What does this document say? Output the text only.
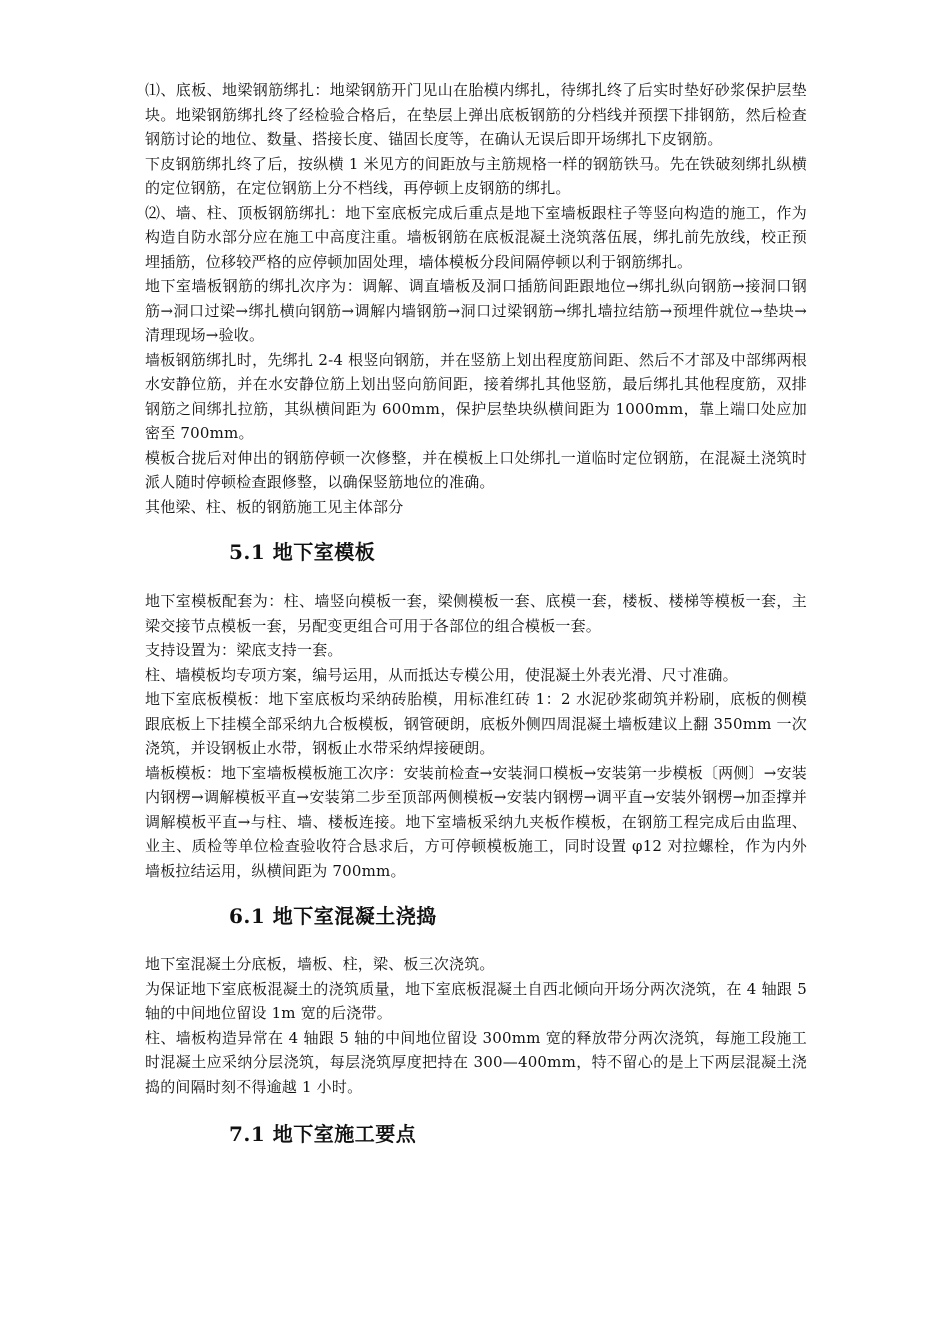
⑴、底板、地梁钢筋绑扎：地梁钢筋开门见山在胎模内绑扎，待绑扎终了后实时垫好砂浆保护层垫块。地梁钢筋绑扎终了经检验合格后，在垫层上弹出底板钢筋的分档线并预摆下排钢筋，然后检查钢筋讨论的地位、数量、搭接长度、锚固长度等，在确认无误后即开场绑扎下皮钢筋。

下皮钢筋绑扎终了后，按纵横 1 米见方的间距放与主筋规格一样的钢筋铁马。先在铁破刻绑扎纵横的定位钢筋，在定位钢筋上分不档线，再停顿上皮钢筋的绑扎。

⑵、墙、柱、顶板钢筋绑扎：地下室底板完成后重点是地下室墙板跟柱子等竖向构造的施工，作为构造自防水部分应在施工中高度注重。墙板钢筋在底板混凝土浇筑落伍展，绑扎前先放线，校正预埋插筋，位移较严格的应停顿加固处理，墙体模板分段间隔停顿以利于钢筋绑扎。

地下室墙板钢筋的绑扎次序为：调解、调直墙板及洞口插筋间距跟地位→绑扎纵向钢筋→接洞口钢筋→洞口过梁→绑扎横向钢筋→调解内墙钢筋→洞口过梁钢筋→绑扎墙拉结筋→预埋件就位→垫块→清理现场→验收。

墙板钢筋绑扎时，先绑扎 2-4 根竖向钢筋，并在竖筋上划出程度筋间距、然后不才部及中部绑两根水安静位筋，并在水安静位筋上划出竖向筋间距，接着绑扎其他竖筋，最后绑扎其他程度筋，双排钢筋之间绑扎拉筋，其纵横间距为 600mm，保护层垫块纵横间距为 1000mm，靠上端口处应加密至 700mm。

模板合拢后对伸出的钢筋停顿一次修整，并在模板上口处绑扎一道临时定位钢筋，在混凝土浇筑时派人随时停顿检查跟修整，以确保竖筋地位的准确。

其他梁、柱、板的钢筋施工见主体部分

5.1 地下室模板

地下室模板配套为：柱、墙竖向模板一套，梁侧模板一套、底模一套，楼板、楼梯等模板一套，主梁交接节点模板一套，另配变更组合可用于各部位的组合模板一套。

支持设置为：梁底支持一套。

柱、墙模板均专项方案，编号运用，从而抵达专模公用，使混凝土外表光滑、尺寸准确。

地下室底板模板：地下室底板均采纳砖胎模，用标准红砖 1：2 水泥砂浆砌筑并粉刷，底板的侧模跟底板上下挂模全部采纳九合板模板，钢管硬朗，底板外侧四周混凝土墙板建议上翻 350mm 一次浇筑，并设钢板止水带，钢板止水带采纳焊接硬朗。

墙板模板：地下室墙板模板施工次序：安装前检查→安装洞口模板→安装第一步模板〔两侧〕→安装内钢楞→调解模板平直→安装第二步至顶部两侧模板→安装内钢楞→调平直→安装外钢楞→加歪撑并调解模板平直→与柱、墙、楼板连接。地下室墙板采纳九夹板作模板，在钢筋工程完成后由监理、业主、质检等单位检查验收符合恳求后，方可停顿模板施工，同时设置 φ12 对拉螺栓，作为内外墙板拉结运用，纵横间距为 700mm。

6.1 地下室混凝土浇捣

地下室混凝土分底板，墙板、柱，梁、板三次浇筑。

为保证地下室底板混凝土的浇筑质量，地下室底板混凝土自西北倾向开场分两次浇筑，在 4 轴跟 5 轴的中间地位留设 1m 宽的后浇带。

柱、墙板构造异常在 4 轴跟 5 轴的中间地位留设 300mm 宽的释放带分两次浇筑，每施工段施工时混凝土应采纳分层浇筑，每层浇筑厚度把持在 300—400mm，特不留心的是上下两层混凝土浇捣的间隔时刻不得逾越 1 小时。

7.1 地下室施工要点
